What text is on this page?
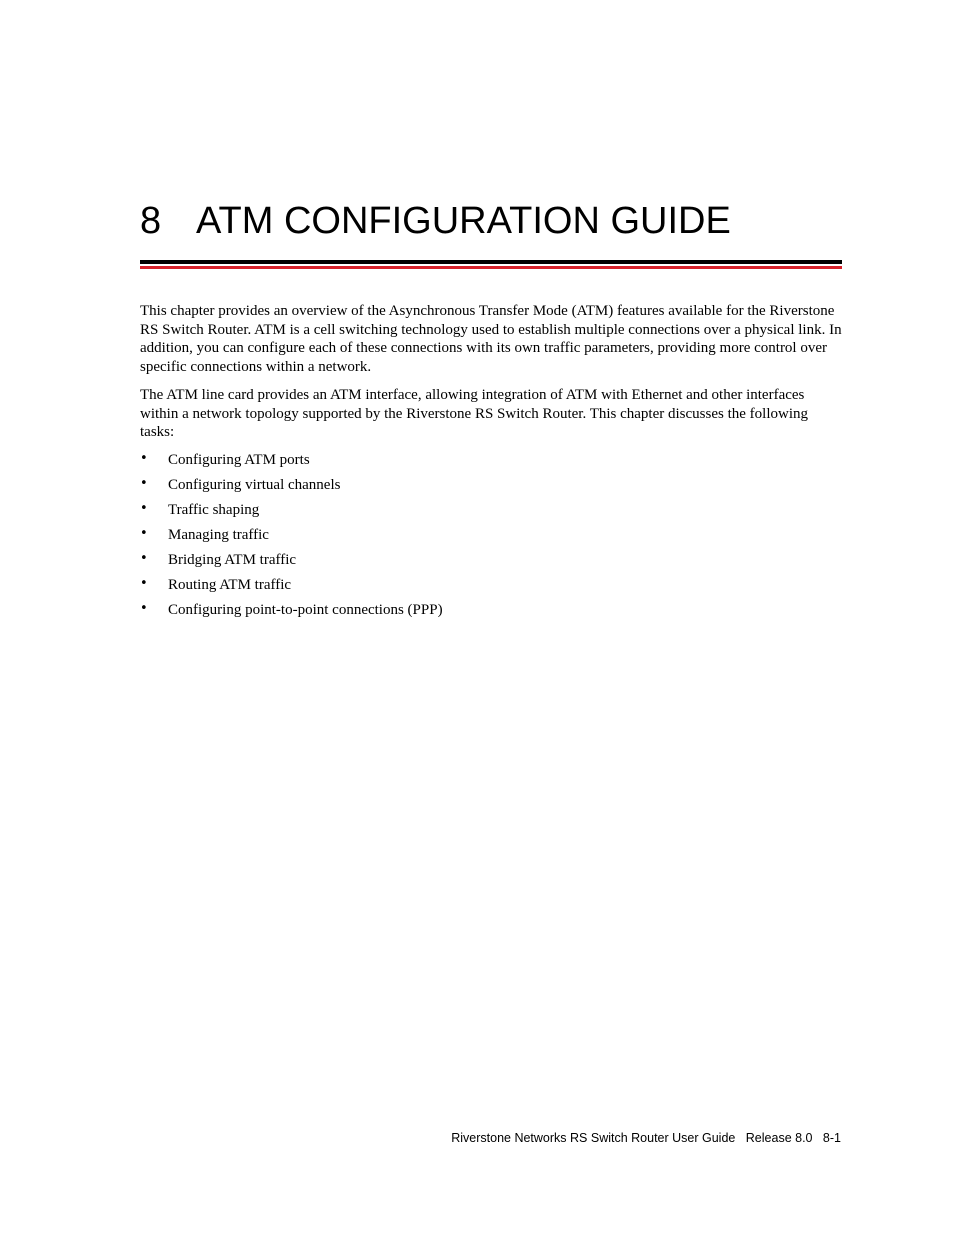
8 ATM CONFIGURATION GUIDE

This chapter provides an overview of the Asynchronous Transfer Mode (ATM) features available for the Riverstone RS Switch Router. ATM is a cell switching technology used to establish multiple connections over a physical link. In addition, you can configure each of these connections with its own traffic parameters, providing more control over specific connections within a network.

The ATM line card provides an ATM interface, allowing integration of ATM with Ethernet and other interfaces within a network topology supported by the Riverstone RS Switch Router. This chapter discusses the following tasks:

• Configuring ATM ports
• Configuring virtual channels
• Traffic shaping
• Managing traffic
• Bridging ATM traffic
• Routing ATM traffic
• Configuring point-to-point connections (PPP)
Riverstone Networks RS Switch Router User Guide Release 8.0 8-1
